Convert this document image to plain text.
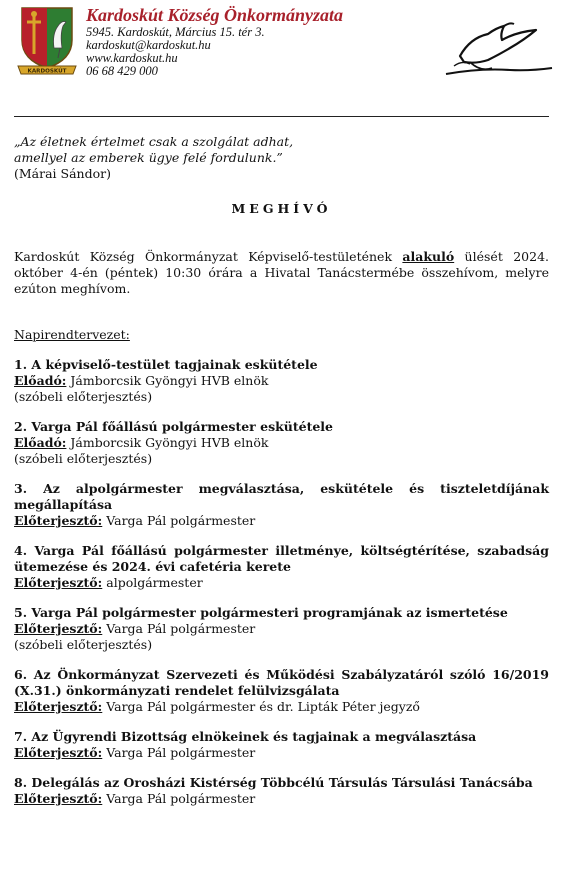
KARDOSKÚT

Kardoskút Község Önkormányzata

5945. Kardoskút, Március 15. tér 3.

kardoskut@kardoskut.hu

www.kardoskut.hu

06 68 429 000

„Az életnek értelmet csak a szolgálat adhat,

amellyel az emberek ügye felé fordulunk.”

(Márai Sándor)

MEGHÍVÓ

Kardoskút Község Önkormányzat Képviselő-testületének alakuló ülését 2024. október 4-én (péntek) 10:30 órára a Hivatal Tanácstermébe összehívom, melyre ezúton meghívom.

Napirendtervezet:

1. A képviselő-testület tagjainak eskütétele

Előadó: Jámborcsik Gyöngyi HVB elnök

(szóbeli előterjesztés)

2. Varga Pál főállású polgármester eskütétele

Előadó: Jámborcsik Gyöngyi HVB elnök

(szóbeli előterjesztés)

3. Az alpolgármester megválasztása, eskütétele és tiszteletdíjának megállapítása

Előterjesztő: Varga Pál polgármester

4. Varga Pál főállású polgármester illetménye, költségtérítése, szabadság ütemezése és 2024. évi cafetéria kerete

Előterjesztő: alpolgármester

5. Varga Pál polgármester polgármesteri programjának az ismertetése

Előterjesztő: Varga Pál polgármester

(szóbeli előterjesztés)

6. Az Önkormányzat Szervezeti és Működési Szabályzatáról szóló 16/2019 (X.31.) önkormányzati rendelet felülvizsgálata

Előterjesztő: Varga Pál polgármester és dr. Lipták Péter jegyző

7. Az Ügyrendi Bizottság elnökeinek és tagjainak a megválasztása

Előterjesztő: Varga Pál polgármester

8. Delegálás az Orosházi Kistérség Többcélú Társulás Társulási Tanácsába

Előterjesztő: Varga Pál polgármester
